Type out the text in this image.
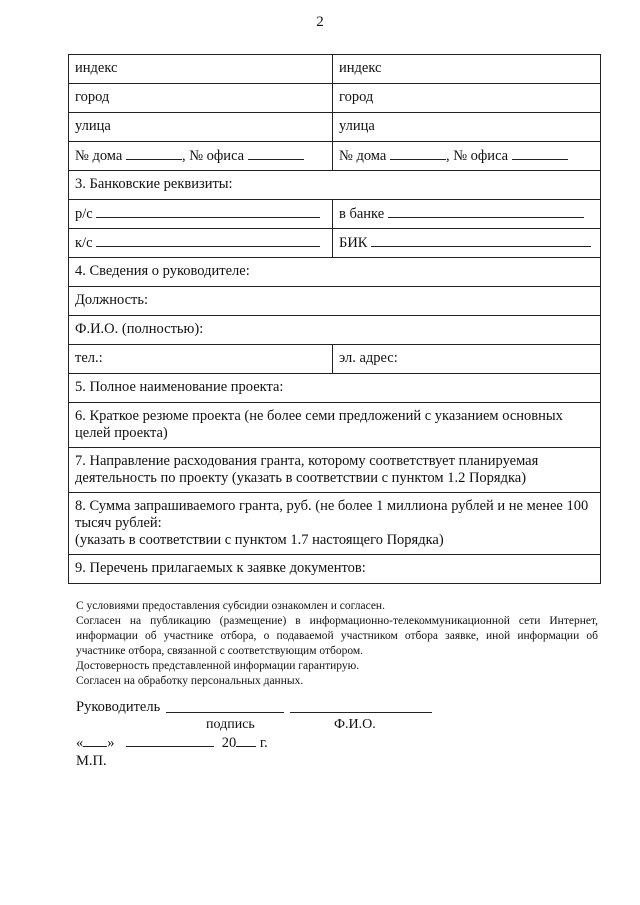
2
индекс	индекс
город	город
улица	улица
№ дома , № офиса	№ дома , № офиса
3. Банковские реквизиты:	
р/с	в банке
к/с	БИК
4. Сведения о руководителе:	
Должность:	
Ф.И.О. (полностью):	
тел.:	эл. адрес:
5. Полное наименование проекта:	
6. Краткое резюме проекта (не более семи предложений с указанием основных целей проекта)	
7. Направление расходования гранта, которому соответствует планируемая деятельность по проекту (указать в соответствии с пунктом 1.2 Порядка)	

8. Сумма запрашиваемого гранта, руб. (не более 1 миллиона рублей и не менее 100 тысяч рублей:
(указать в соответствии с пунктом 1.7 настоящего Порядка)	

9. Перечень прилагаемых к заявке документов:	

С условиями предоставления субсидии ознакомлен и согласен.

Согласен на публикацию (размещение) в информационно-телекоммуникационной сети Интернет, информации об участнике отбора, о подаваемой участником отбора заявке, иной информации об участнике отбора, связанной с соответствующим отбором.

Достоверность представленной информации гарантирую.

Согласен на обработку персональных данных.

Руководитель
подпись	Ф.И.О.
« »	20 г.
М.П.
